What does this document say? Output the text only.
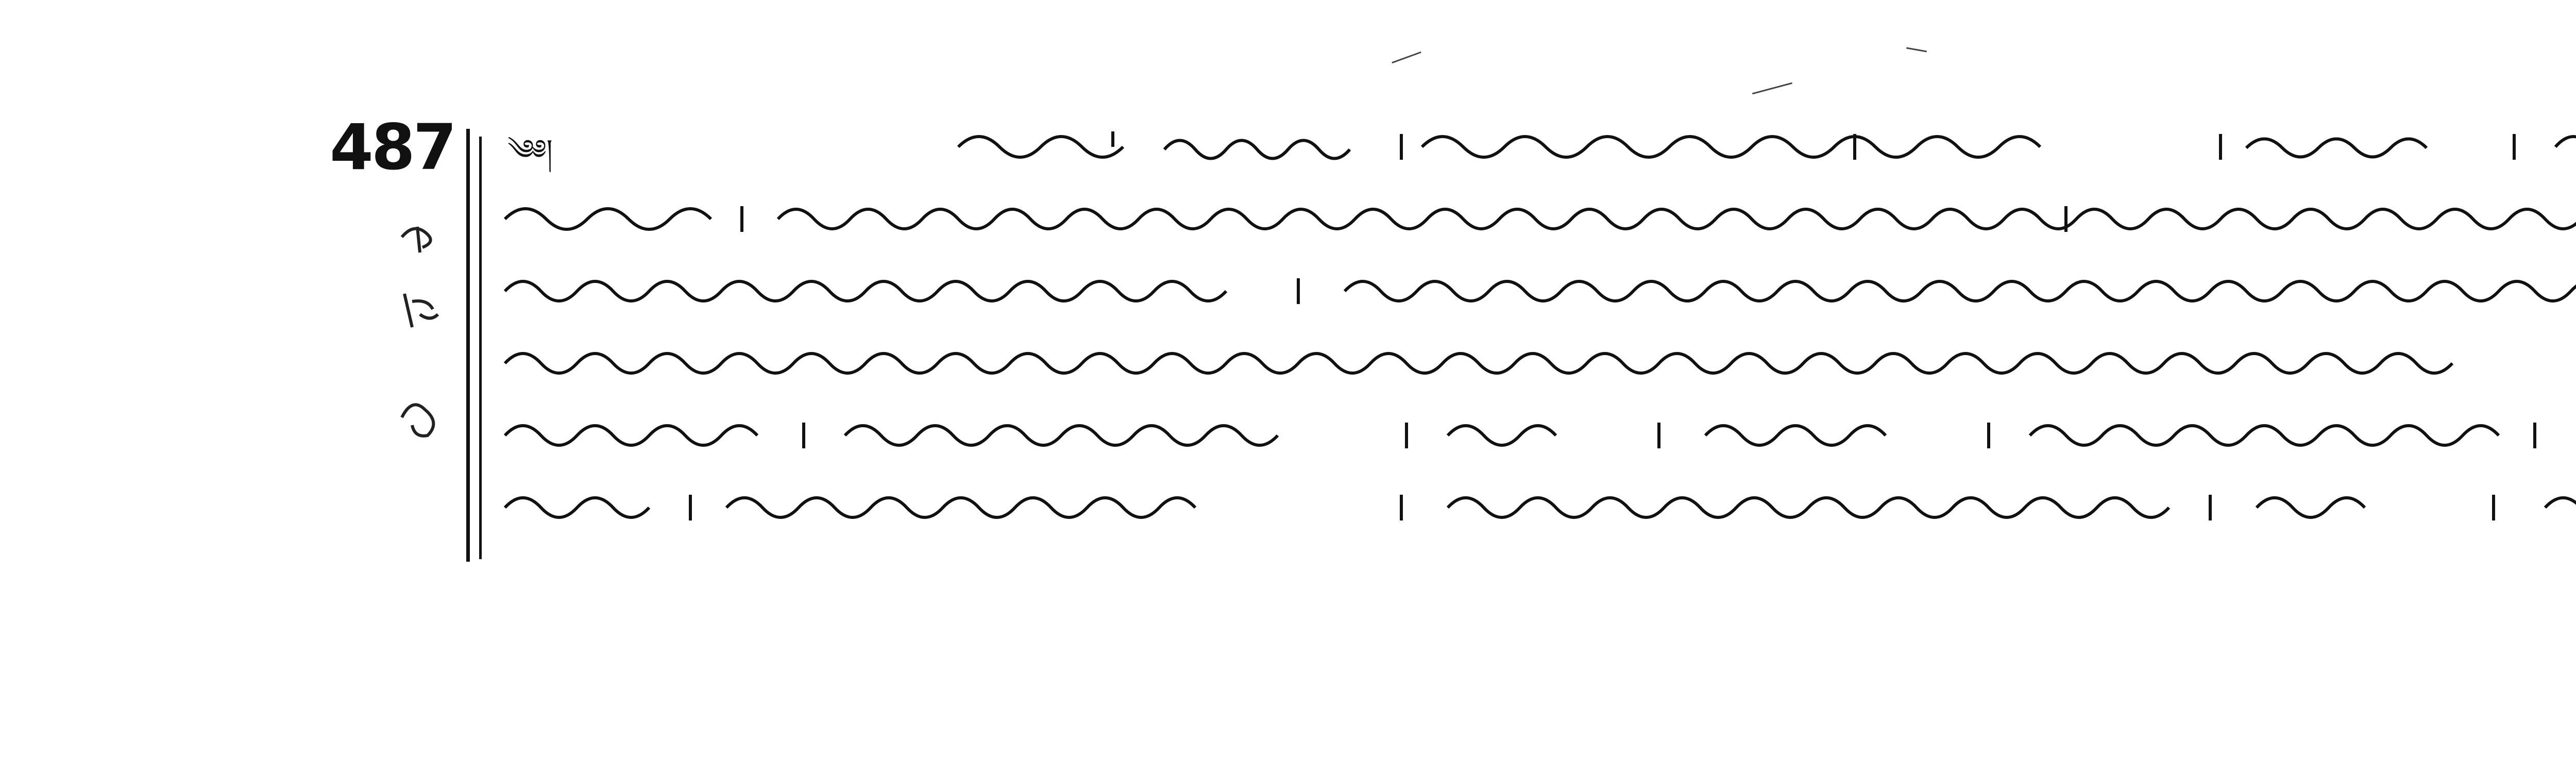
487 ༄༅།
